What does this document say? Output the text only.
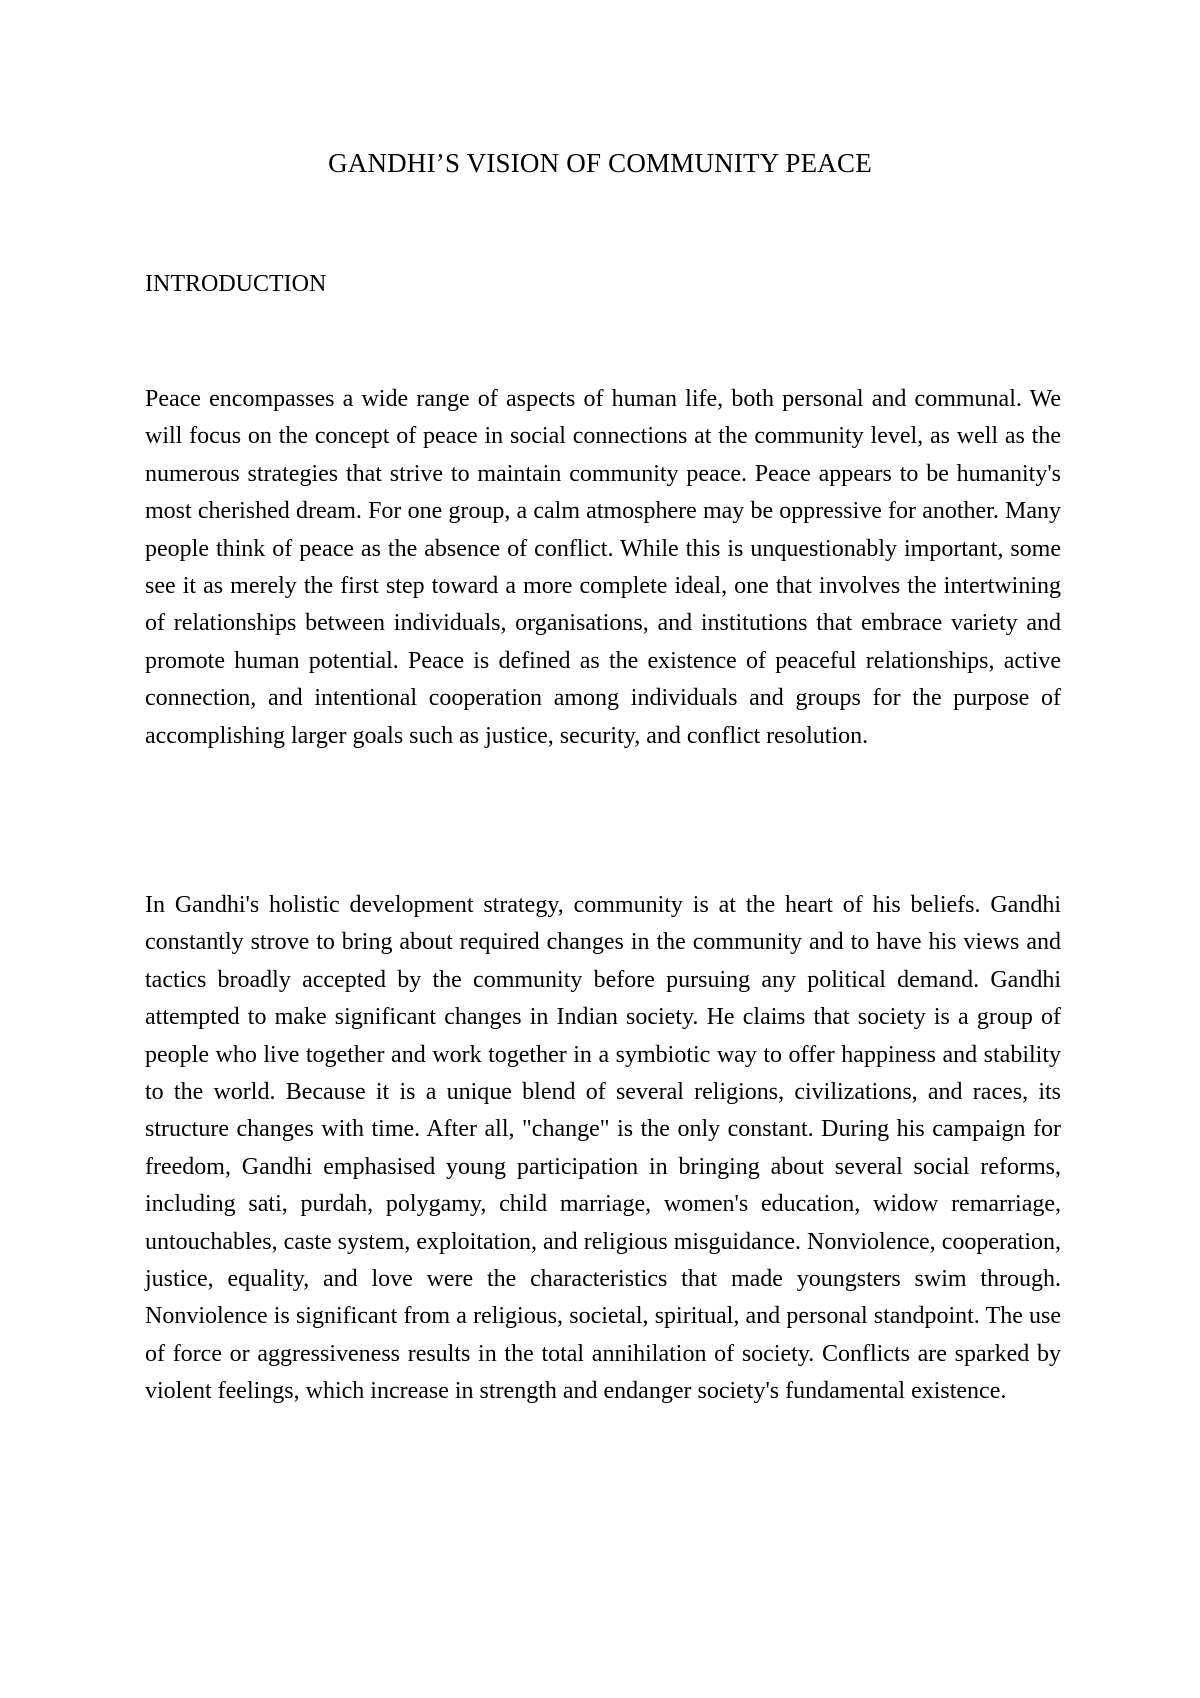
GANDHI’S VISION OF COMMUNITY PEACE
INTRODUCTION

Peace encompasses a wide range of aspects of human life, both personal and communal. We will focus on the concept of peace in social connections at the community level, as well as the numerous strategies that strive to maintain community peace. Peace appears to be humanity's most cherished dream. For one group, a calm atmosphere may be oppressive for another. Many people think of peace as the absence of conflict. While this is unquestionably important, some see it as merely the first step toward a more complete ideal, one that involves the intertwining of relationships between individuals, organisations, and institutions that embrace variety and promote human potential. Peace is defined as the existence of peaceful relationships, active connection, and intentional cooperation among individuals and groups for the purpose of accomplishing larger goals such as justice, security, and conflict resolution.

In Gandhi's holistic development strategy, community is at the heart of his beliefs. Gandhi constantly strove to bring about required changes in the community and to have his views and tactics broadly accepted by the community before pursuing any political demand. Gandhi attempted to make significant changes in Indian society. He claims that society is a group of people who live together and work together in a symbiotic way to offer happiness and stability to the world. Because it is a unique blend of several religions, civilizations, and races, its structure changes with time. After all, "change" is the only constant. During his campaign for freedom, Gandhi emphasised young participation in bringing about several social reforms, including sati, purdah, polygamy, child marriage, women's education, widow remarriage, untouchables, caste system, exploitation, and religious misguidance. Nonviolence, cooperation, justice, equality, and love were the characteristics that made youngsters swim through. Nonviolence is significant from a religious, societal, spiritual, and personal standpoint. The use of force or aggressiveness results in the total annihilation of society. Conflicts are sparked by violent feelings, which increase in strength and endanger society's fundamental existence.
